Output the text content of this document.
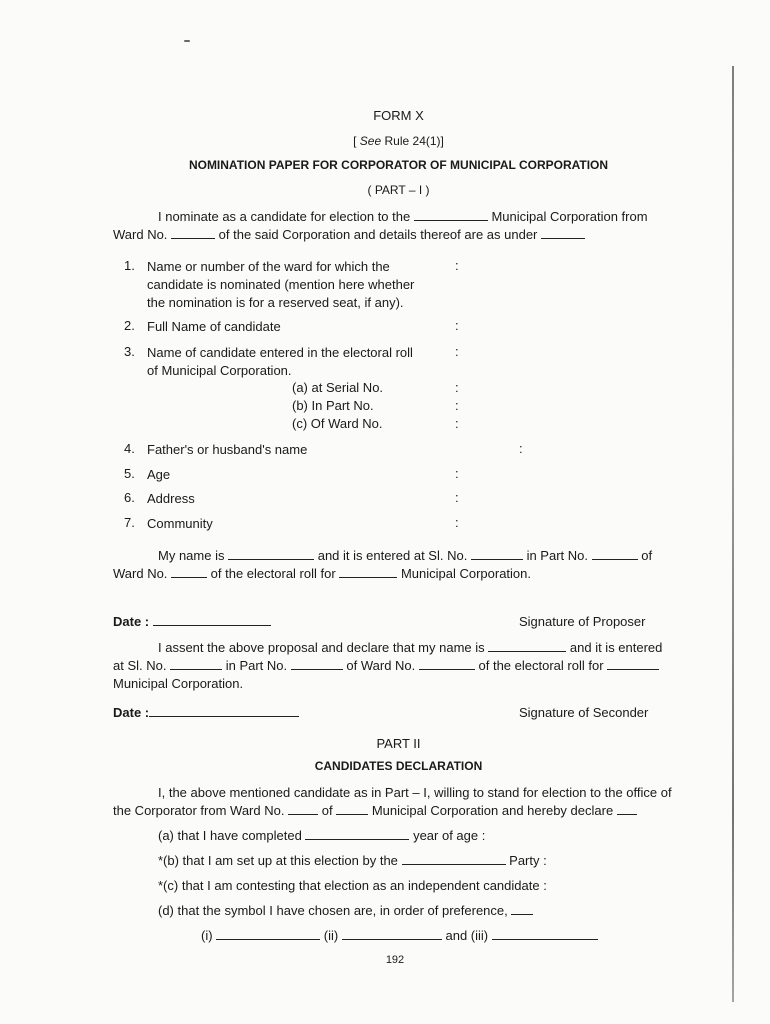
FORM X
[ See Rule 24(1)]
NOMINATION PAPER FOR CORPORATOR OF MUNICIPAL CORPORATION
( PART – I )
I nominate as a candidate for election to the	Municipal Corporation from
Ward No.	of the said Corporation and details thereof are as under
1. Name or number of the ward for which the
candidate is nominated (mention here whether
the nomination is for a reserved seat, if any).
:
2. Full Name of candidate	:
3. Name of candidate entered in the electoral roll
of Municipal Corporation.
:
(a) at Serial No.	:
(b) In Part No.	:
(c) Of Ward No.	:
4. Father's or husband's name	:
5. Age	:
6. Address	:
7. Community	:
My name is	and it is entered at Sl. No.	in Part No.	of
Ward No.	of the electoral roll for	Municipal Corporation.
Date :	Signature of Proposer
I assent the above proposal and declare that my name is	and it is entered
at Sl. No.	in Part No.	of Ward No.	of the electoral roll for
Municipal Corporation.
Date :	Signature of Seconder
PART II
CANDIDATES DECLARATION
I, the above mentioned candidate as in Part – I, willing to stand for election to the office of
the Corporator from Ward No.	of	Municipal Corporation and hereby declare
(a) that I have completed	year of age :
*(b) that I am set up at this election by the	Party :
*(c) that I am contesting that election as an independent candidate :
(d) that the symbol I have chosen are, in order of preference,
(i)	(ii)	and (iii)
192
